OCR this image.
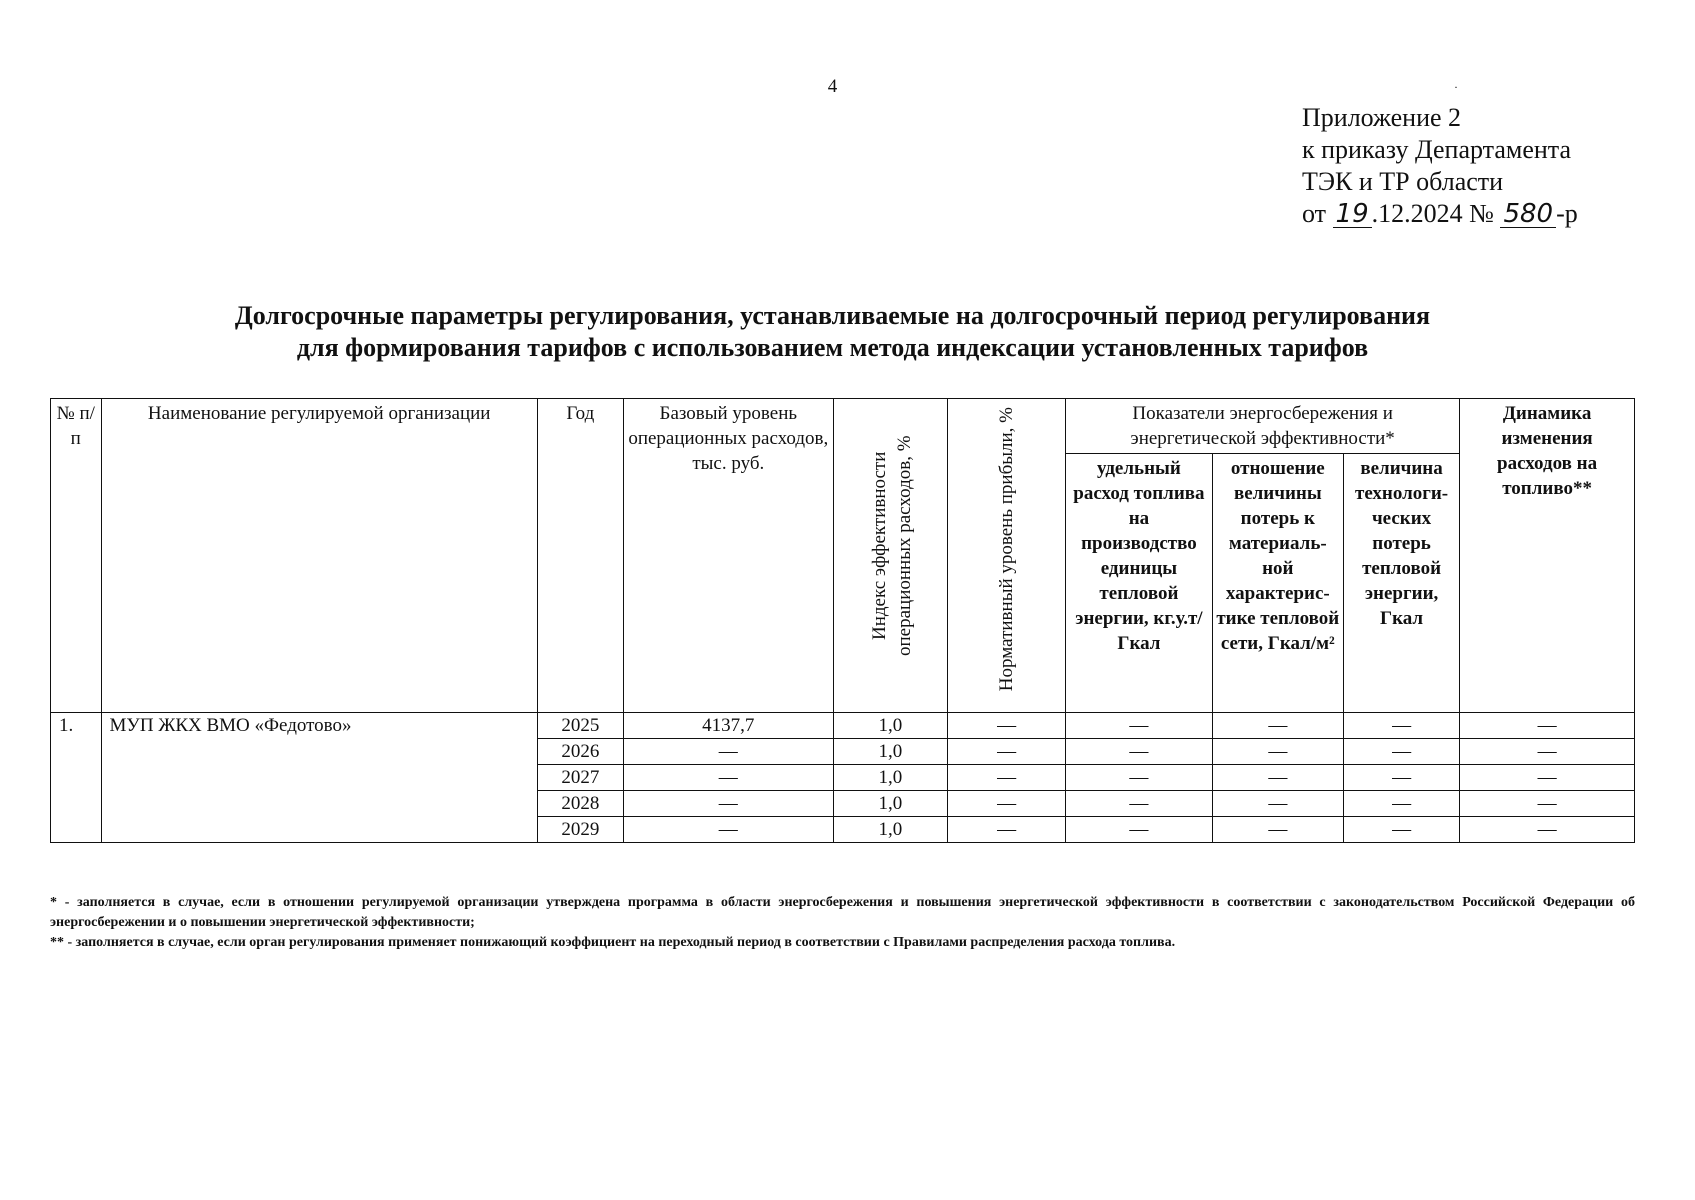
4	·
Приложение 2
к приказу Департамента
ТЭК и ТР области
от 19 .12.2024 № 580 -р
Долгосрочные параметры регулирования, устанавливаемые на долгосрочный период регулирования
для формирования тарифов с использованием метода индексации установленных тарифов
№ п/п	Наименование регулируемой организации	Год	Базовый уровень операционных расходов, тыс. руб.	Индекс эффективности операционных расходов, %	Нормативный уровень прибыли, %	Показатели энергосбережения и энергетической эффективности*			Динамика изменения расходов на топливо**
						удельный расход топлива на производство единицы тепловой энергии, кг.у.т/Гкал	отношение величины потерь к материаль-ной характерис-тике тепловой сети, Гкал/м²	величина технологи-ческих потерь тепловой энергии, Гкал	
1.	МУП ЖКХ ВМО «Федотово»	2025	4137,7	1,0	—	—	—	—	—
		2026	—	1,0	—	—	—	—	—
		2027	—	1,0	—	—	—	—	—
		2028	—	1,0	—	—	—	—	—
		2029	—	1,0	—	—	—	—	—

* - заполняется в случае, если в отношении регулируемой организации утверждена программа в области энергосбережения и повышения энергетической эффективности в соответствии с законодательством Российской Федерации об энергосбережении и о повышении энергетической эффективности;

** - заполняется в случае, если орган регулирования применяет понижающий коэффициент на переходный период в соответствии с Правилами распределения расхода топлива.
